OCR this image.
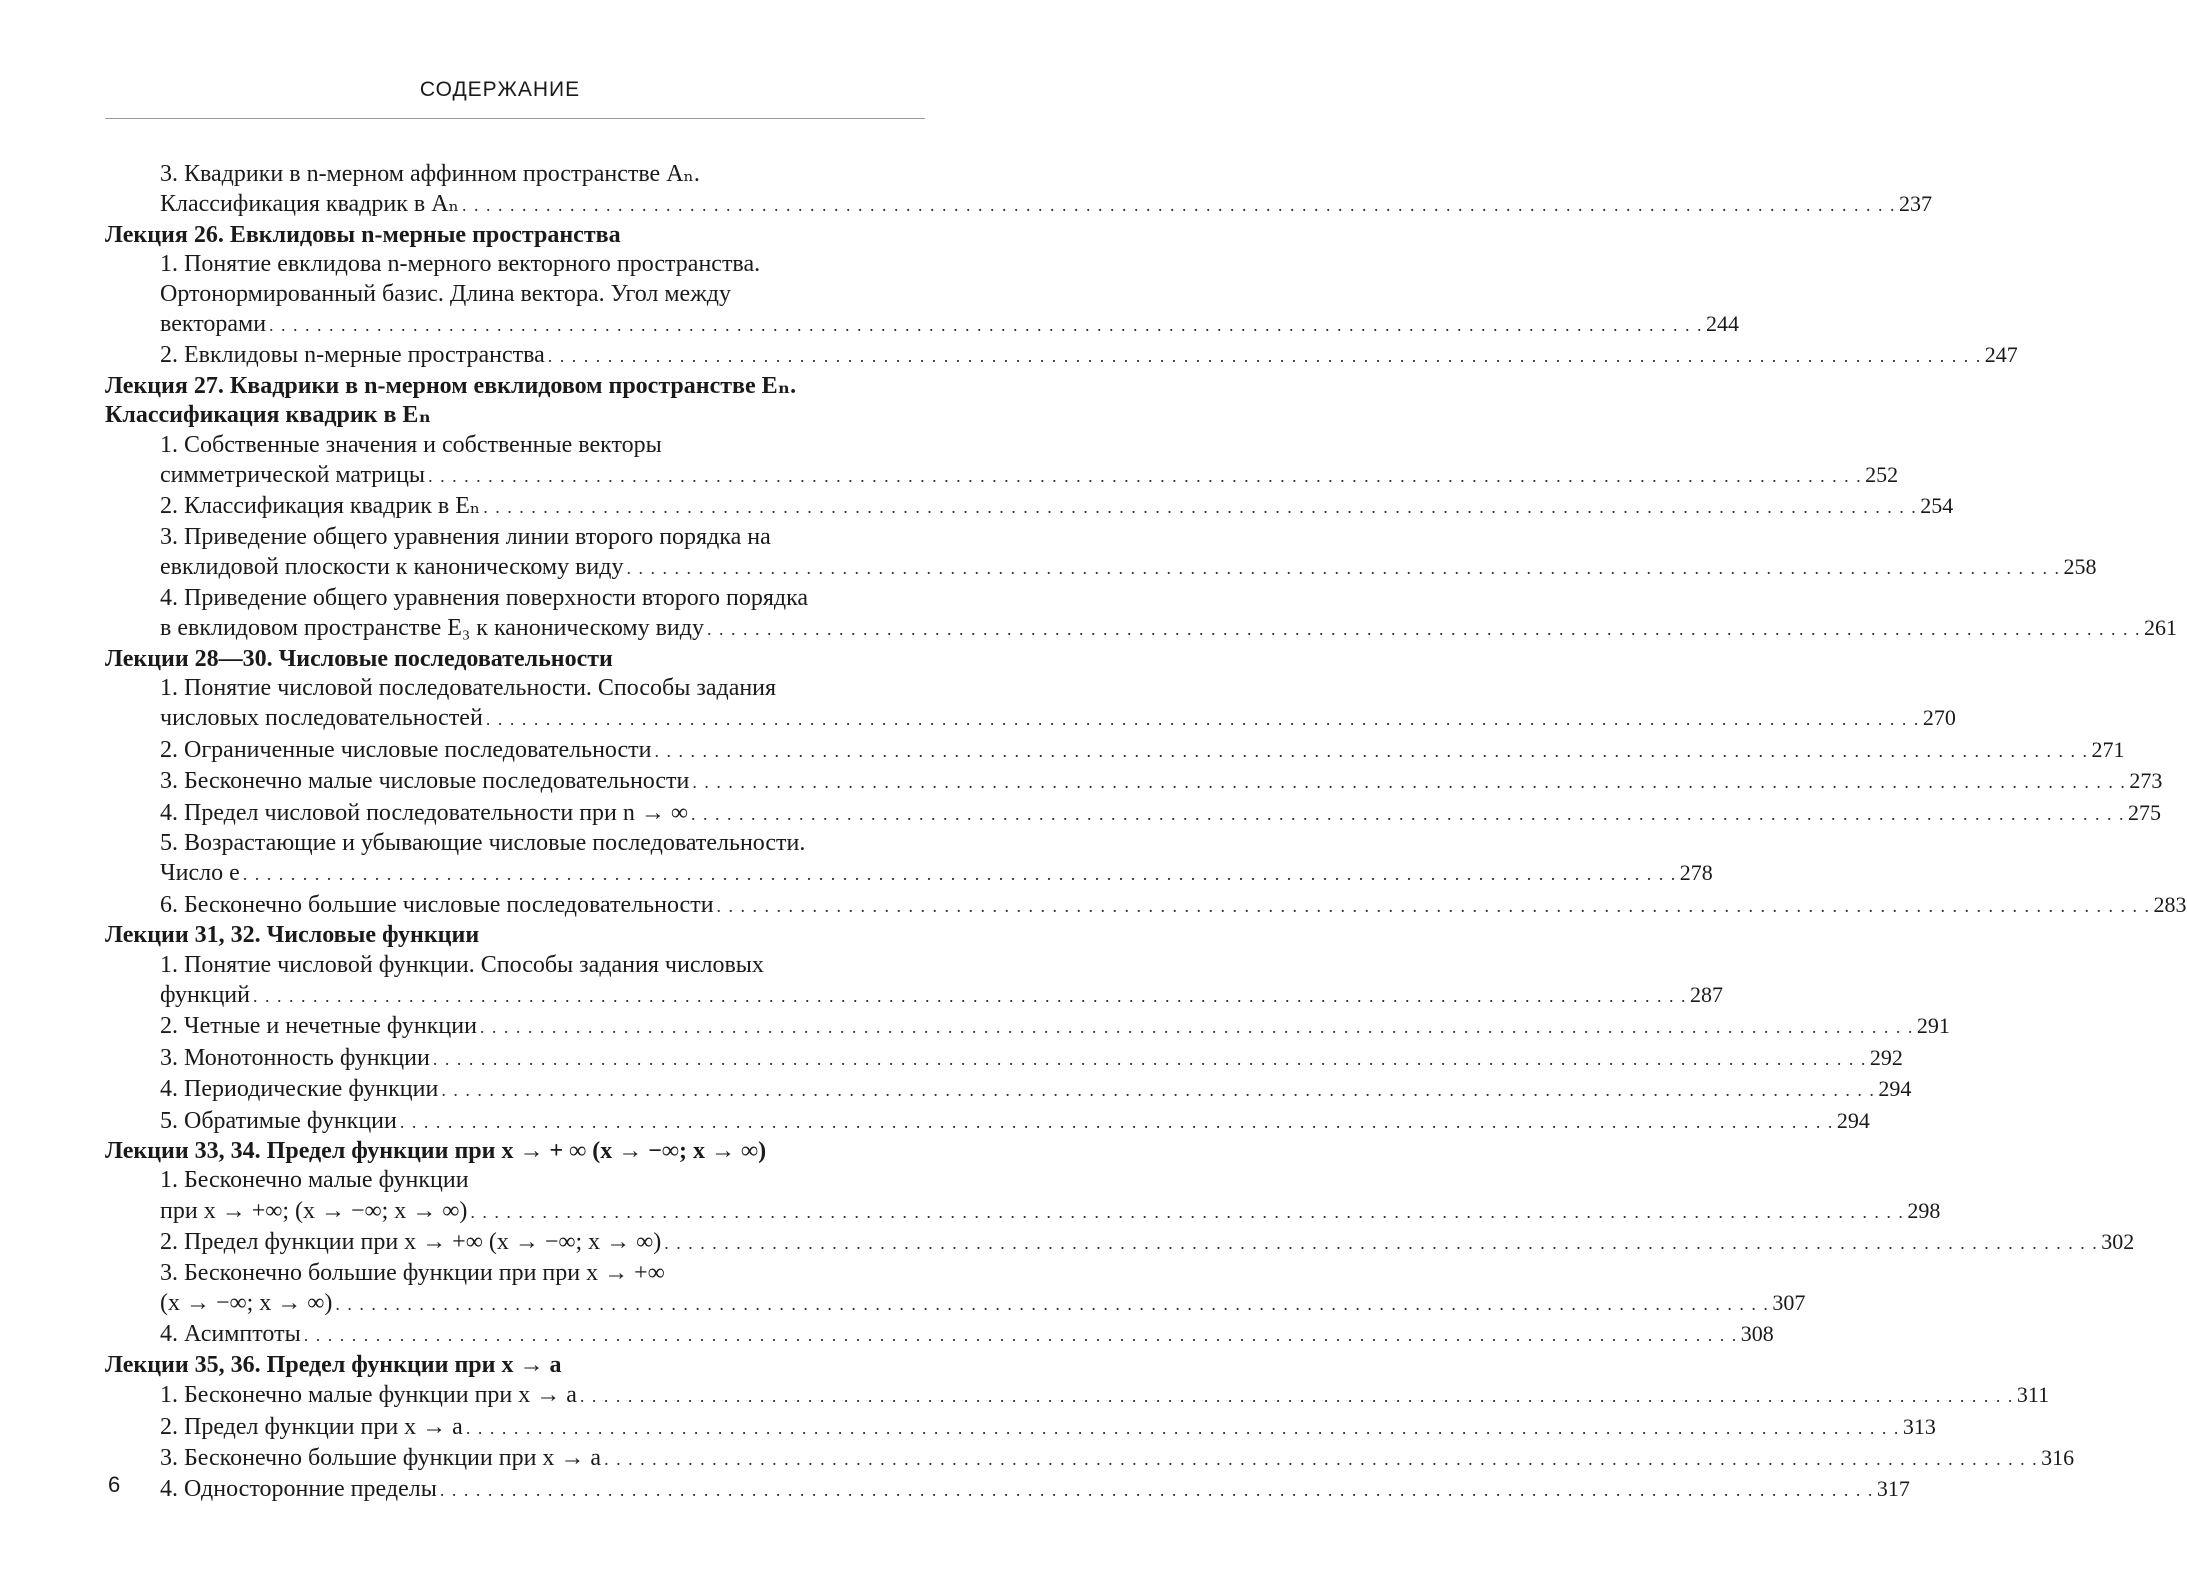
СОДЕРЖАНИЕ
3. Квадрики в n-мерном аффинном пространстве Aₙ.
Классификация квадрик в Aₙ . . . . . . . . . . . . . . . . . . . . . . . . . . . . . . . . . . . . . . . . . . . . . . . . . . . . . . . . . . . . . . . . . . . . . . . . . . . . . . . . . . . . . . . . . . . . . . . . . . . . . . . . . . . . . . . . . . . . . . . . 237
Лекция 26. Евклидовы n-мерные пространства
1. Понятие евклидова n-мерного векторного пространства.
Ортонормированный базис. Длина вектора. Угол между
векторами . . . . . . . . . . . . . . . . . . . . . . . . . . . . . . . . . . . . . . . . . . . . . . . . . . . . . . . . . . . . . . . . . . . . . . . . . . . . . . . . . . . . . . . . . . . . . . . . . . . . . . . . . . . . . . . . . . . . . . . . 244
2. Евклидовы n-мерные пространства . . . . . . . . . . . . . . . . . . . . . . . . . . . . . . . . . . . . . . . . . . . . . . . . . . . . . . . . . . . . . . . . . . . . . . . . . . . . . . . . . . . . . . . . . . . . . . . . . . . . . . . . . . . . . . . . . . . . . . . . 247
Лекция 27. Квадрики в n-мерном евклидовом пространстве Eₙ.
Классификация квадрик в Eₙ
1. Собственные значения и собственные векторы
симметрической матрицы . . . . . . . . . . . . . . . . . . . . . . . . . . . . . . . . . . . . . . . . . . . . . . . . . . . . . . . . . . . . . . . . . . . . . . . . . . . . . . . . . . . . . . . . . . . . . . . . . . . . . . . . . . . . . . . . . . . . . . . . 252
2. Классификация квадрик в Eₙ . . . . . . . . . . . . . . . . . . . . . . . . . . . . . . . . . . . . . . . . . . . . . . . . . . . . . . . . . . . . . . . . . . . . . . . . . . . . . . . . . . . . . . . . . . . . . . . . . . . . . . . . . . . . . . . . . . . . . . . . 254
3. Приведение общего уравнения линии второго порядка на
евклидовой плоскости к каноническому виду . . . . . . . . . . . . . . . . . . . . . . . . . . . . . . . . . . . . . . . . . . . . . . . . . . . . . . . . . . . . . . . . . . . . . . . . . . . . . . . . . . . . . . . . . . . . . . . . . . . . . . . . . . . . . . . . . . . . . . . . 258
4. Приведение общего уравнения поверхности второго порядка
в евклидовом пространстве E₃ к каноническому виду . . . . . . . . . . . . . . . . . . . . . . . . . . . . . . . . . . . . . . . . . . . . . . . . . . . . . . . . . . . . . . . . . . . . . . . . . . . . . . . . . . . . . . . . . . . . . . . . . . . . . . . . . . . . . . . . . . . . . . . . 261
Лекции 28—30. Числовые последовательности
1. Понятие числовой последовательности. Способы задания
числовых последовательностей . . . . . . . . . . . . . . . . . . . . . . . . . . . . . . . . . . . . . . . . . . . . . . . . . . . . . . . . . . . . . . . . . . . . . . . . . . . . . . . . . . . . . . . . . . . . . . . . . . . . . . . . . . . . . . . . . . . . . . . . 270
2. Ограниченные числовые последовательности . . . . . . . . . . . . . . . . . . . . . . . . . . . . . . . . . . . . . . . . . . . . . . . . . . . . . . . . . . . . . . . . . . . . . . . . . . . . . . . . . . . . . . . . . . . . . . . . . . . . . . . . . . . . . . . . . . . . . . . . 271
3. Бесконечно малые числовые последовательности . . . . . . . . . . . . . . . . . . . . . . . . . . . . . . . . . . . . . . . . . . . . . . . . . . . . . . . . . . . . . . . . . . . . . . . . . . . . . . . . . . . . . . . . . . . . . . . . . . . . . . . . . . . . . . . . . . . . . . . . 273
4. Предел числовой последовательности при n → ∞ . . . . . . . . . . . . . . . . . . . . . . . . . . . . . . . . . . . . . . . . . . . . . . . . . . . . . . . . . . . . . . . . . . . . . . . . . . . . . . . . . . . . . . . . . . . . . . . . . . . . . . . . . . . . . . . . . . . . . . . . 275
5. Возрастающие и убывающие числовые последовательности.
Число e . . . . . . . . . . . . . . . . . . . . . . . . . . . . . . . . . . . . . . . . . . . . . . . . . . . . . . . . . . . . . . . . . . . . . . . . . . . . . . . . . . . . . . . . . . . . . . . . . . . . . . . . . . . . . . . . . . . . . . . . 278
6. Бесконечно большие числовые последовательности . . . . . . . . . . . . . . . . . . . . . . . . . . . . . . . . . . . . . . . . . . . . . . . . . . . . . . . . . . . . . . . . . . . . . . . . . . . . . . . . . . . . . . . . . . . . . . . . . . . . . . . . . . . . . . . . . . . . . . . . 283
Лекции 31, 32. Числовые функции
1. Понятие числовой функции. Способы задания числовых
функций . . . . . . . . . . . . . . . . . . . . . . . . . . . . . . . . . . . . . . . . . . . . . . . . . . . . . . . . . . . . . . . . . . . . . . . . . . . . . . . . . . . . . . . . . . . . . . . . . . . . . . . . . . . . . . . . . . . . . . . . 287
2. Четные и нечетные функции . . . . . . . . . . . . . . . . . . . . . . . . . . . . . . . . . . . . . . . . . . . . . . . . . . . . . . . . . . . . . . . . . . . . . . . . . . . . . . . . . . . . . . . . . . . . . . . . . . . . . . . . . . . . . . . . . . . . . . . . 291
3. Монотонность функции . . . . . . . . . . . . . . . . . . . . . . . . . . . . . . . . . . . . . . . . . . . . . . . . . . . . . . . . . . . . . . . . . . . . . . . . . . . . . . . . . . . . . . . . . . . . . . . . . . . . . . . . . . . . . . . . . . . . . . . . 292
4. Периодические функции . . . . . . . . . . . . . . . . . . . . . . . . . . . . . . . . . . . . . . . . . . . . . . . . . . . . . . . . . . . . . . . . . . . . . . . . . . . . . . . . . . . . . . . . . . . . . . . . . . . . . . . . . . . . . . . . . . . . . . . . 294
5. Обратимые функции . . . . . . . . . . . . . . . . . . . . . . . . . . . . . . . . . . . . . . . . . . . . . . . . . . . . . . . . . . . . . . . . . . . . . . . . . . . . . . . . . . . . . . . . . . . . . . . . . . . . . . . . . . . . . . . . . . . . . . . . 294
Лекции 33, 34. Предел функции при x → + ∞ (x → −∞; x → ∞)
1. Бесконечно малые функции
при x → +∞; (x → −∞; x → ∞) . . . . . . . . . . . . . . . . . . . . . . . . . . . . . . . . . . . . . . . . . . . . . . . . . . . . . . . . . . . . . . . . . . . . . . . . . . . . . . . . . . . . . . . . . . . . . . . . . . . . . . . . . . . . . . . . . . . . . . . . 298
2. Предел функции при x → +∞ (x → −∞; x → ∞) . . . . . . . . . . . . . . . . . . . . . . . . . . . . . . . . . . . . . . . . . . . . . . . . . . . . . . . . . . . . . . . . . . . . . . . . . . . . . . . . . . . . . . . . . . . . . . . . . . . . . . . . . . . . . . . . . . . . . . . . 302
3. Бесконечно большие функции при при x → +∞
(x → −∞; x → ∞) . . . . . . . . . . . . . . . . . . . . . . . . . . . . . . . . . . . . . . . . . . . . . . . . . . . . . . . . . . . . . . . . . . . . . . . . . . . . . . . . . . . . . . . . . . . . . . . . . . . . . . . . . . . . . . . . . . . . . . . . 307
4. Асимптоты . . . . . . . . . . . . . . . . . . . . . . . . . . . . . . . . . . . . . . . . . . . . . . . . . . . . . . . . . . . . . . . . . . . . . . . . . . . . . . . . . . . . . . . . . . . . . . . . . . . . . . . . . . . . . . . . . . . . . . . . 308
Лекции 35, 36. Предел функции при x → a
1. Бесконечно малые функции при x → a . . . . . . . . . . . . . . . . . . . . . . . . . . . . . . . . . . . . . . . . . . . . . . . . . . . . . . . . . . . . . . . . . . . . . . . . . . . . . . . . . . . . . . . . . . . . . . . . . . . . . . . . . . . . . . . . . . . . . . . . 311
2. Предел функции при x → a . . . . . . . . . . . . . . . . . . . . . . . . . . . . . . . . . . . . . . . . . . . . . . . . . . . . . . . . . . . . . . . . . . . . . . . . . . . . . . . . . . . . . . . . . . . . . . . . . . . . . . . . . . . . . . . . . . . . . . . . 313
3. Бесконечно большие функции при x → a . . . . . . . . . . . . . . . . . . . . . . . . . . . . . . . . . . . . . . . . . . . . . . . . . . . . . . . . . . . . . . . . . . . . . . . . . . . . . . . . . . . . . . . . . . . . . . . . . . . . . . . . . . . . . . . . . . . . . . . . 316
4. Односторонние пределы . . . . . . . . . . . . . . . . . . . . . . . . . . . . . . . . . . . . . . . . . . . . . . . . . . . . . . . . . . . . . . . . . . . . . . . . . . . . . . . . . . . . . . . . . . . . . . . . . . . . . . . . . . . . . . . . . . . . . . . . 317
6
